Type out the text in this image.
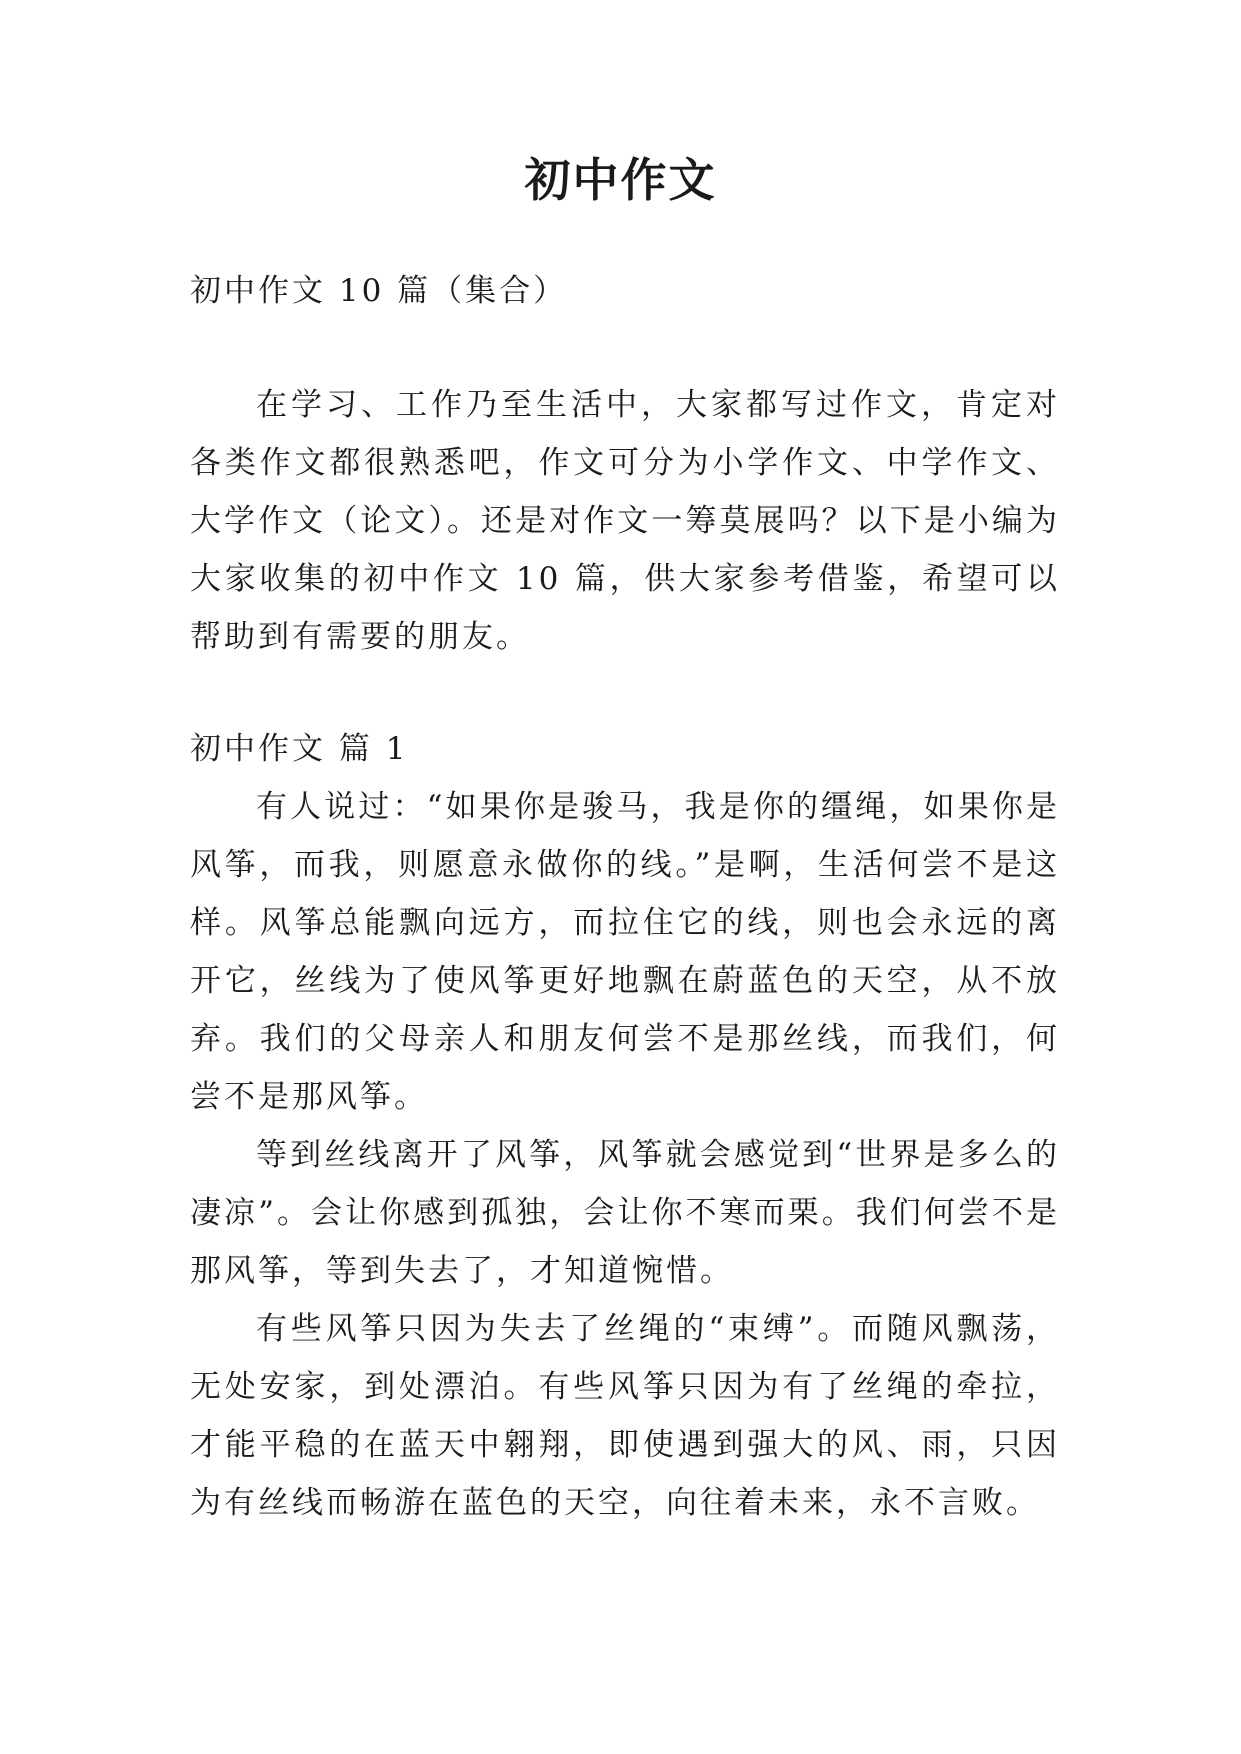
初中作文

初中作文 10 篇（集合）

在学习、工作乃至生活中，大家都写过作文，肯定对各类作文都很熟悉吧，作文可分为小学作文、中学作文、大学作文（论文）。还是对作文一筹莫展吗？以下是小编为大家收集的初中作文 10 篇，供大家参考借鉴，希望可以帮助到有需要的朋友。

初中作文 篇 1

有人说过：“如果你是骏马，我是你的缰绳，如果你是风筝，而我，则愿意永做你的线。”是啊，生活何尝不是这样。风筝总能飘向远方，而拉住它的线，则也会永远的离开它，丝线为了使风筝更好地飘在蔚蓝色的天空，从不放弃。我们的父母亲人和朋友何尝不是那丝线，而我们，何尝不是那风筝。

等到丝线离开了风筝，风筝就会感觉到“世界是多么的凄凉”。会让你感到孤独，会让你不寒而栗。我们何尝不是那风筝，等到失去了，才知道惋惜。

有些风筝只因为失去了丝绳的“束缚”。而随风飘荡，无处安家，到处漂泊。有些风筝只因为有了丝绳的牵拉，才能平稳的在蓝天中翱翔，即使遇到强大的风、雨，只因为有丝线而畅游在蓝色的天空，向往着未来，永不言败。
